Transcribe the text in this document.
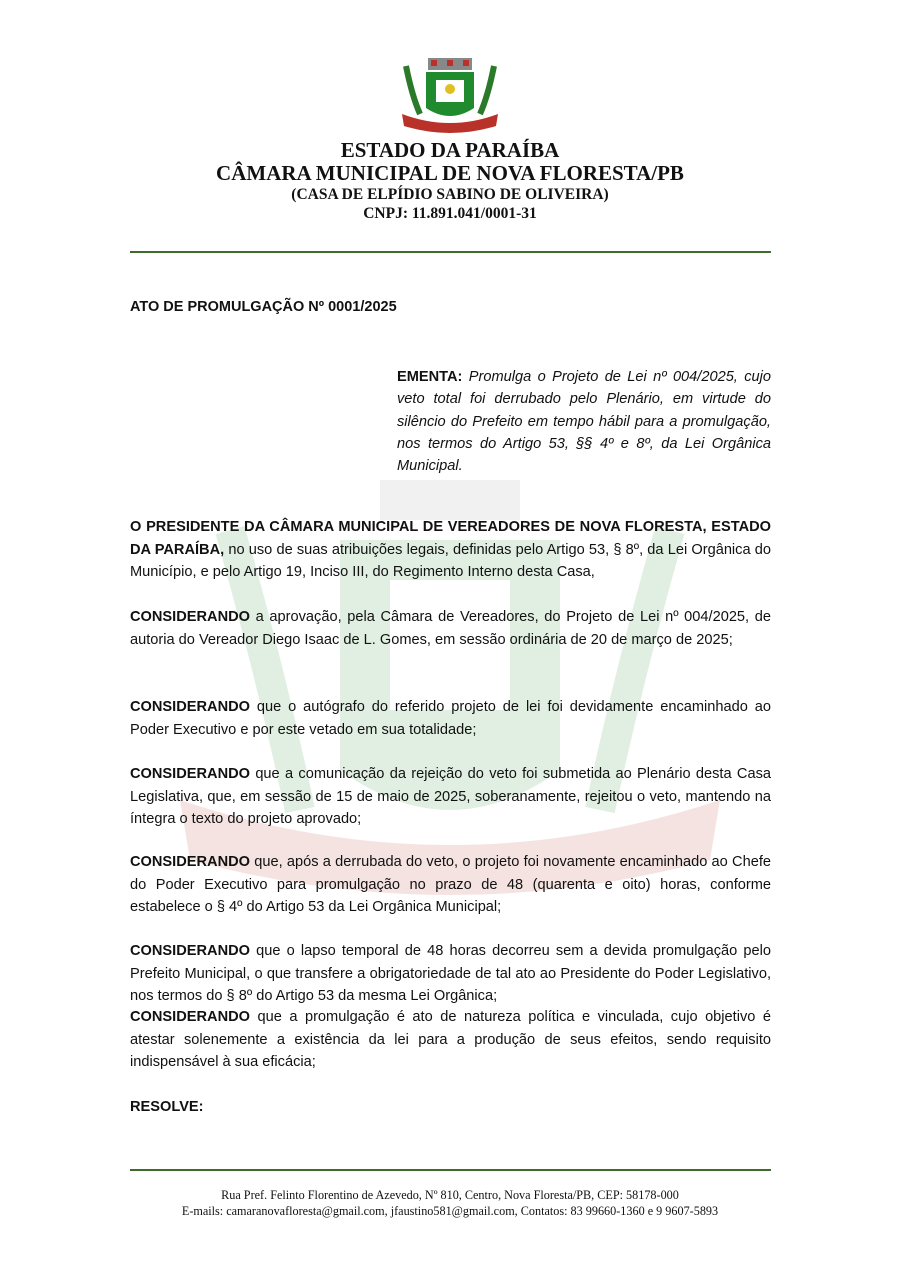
ESTADO DA PARAÍBA
CÂMARA MUNICIPAL DE NOVA FLORESTA/PB
(CASA DE ELPÍDIO SABINO DE OLIVEIRA)
CNPJ: 11.891.041/0001-31
ATO DE PROMULGAÇÃO Nº 0001/2025
EMENTA: Promulga o Projeto de Lei nº 004/2025, cujo veto total foi derrubado pelo Plenário, em virtude do silêncio do Prefeito em tempo hábil para a promulgação, nos termos do Artigo 53, §§ 4º e 8º, da Lei Orgânica Municipal.
O PRESIDENTE DA CÂMARA MUNICIPAL DE VEREADORES DE NOVA FLORESTA, ESTADO DA PARAÍBA, no uso de suas atribuições legais, definidas pelo Artigo 53, § 8º, da Lei Orgânica do Município, e pelo Artigo 19, Inciso III, do Regimento Interno desta Casa,
CONSIDERANDO a aprovação, pela Câmara de Vereadores, do Projeto de Lei nº 004/2025, de autoria do Vereador Diego Isaac de L. Gomes, em sessão ordinária de 20 de março de 2025;
CONSIDERANDO que o autógrafo do referido projeto de lei foi devidamente encaminhado ao Poder Executivo e por este vetado em sua totalidade;
CONSIDERANDO que a comunicação da rejeição do veto foi submetida ao Plenário desta Casa Legislativa, que, em sessão de 15 de maio de 2025, soberanamente, rejeitou o veto, mantendo na íntegra o texto do projeto aprovado;
CONSIDERANDO que, após a derrubada do veto, o projeto foi novamente encaminhado ao Chefe do Poder Executivo para promulgação no prazo de 48 (quarenta e oito) horas, conforme estabelece o § 4º do Artigo 53 da Lei Orgânica Municipal;
CONSIDERANDO que o lapso temporal de 48 horas decorreu sem a devida promulgação pelo Prefeito Municipal, o que transfere a obrigatoriedade de tal ato ao Presidente do Poder Legislativo, nos termos do § 8º do Artigo 53 da mesma Lei Orgânica;
CONSIDERANDO que a promulgação é ato de natureza política e vinculada, cujo objetivo é atestar solenemente a existência da lei para a produção de seus efeitos, sendo requisito indispensável à sua eficácia;
RESOLVE:
Rua Pref. Felinto Florentino de Azevedo, Nº 810, Centro, Nova Floresta/PB, CEP: 58178-000
E-mails: camaranovafloresta@gmail.com, jfaustino581@gmail.com, Contatos: 83 99660-1360 e 9 9607-5893
